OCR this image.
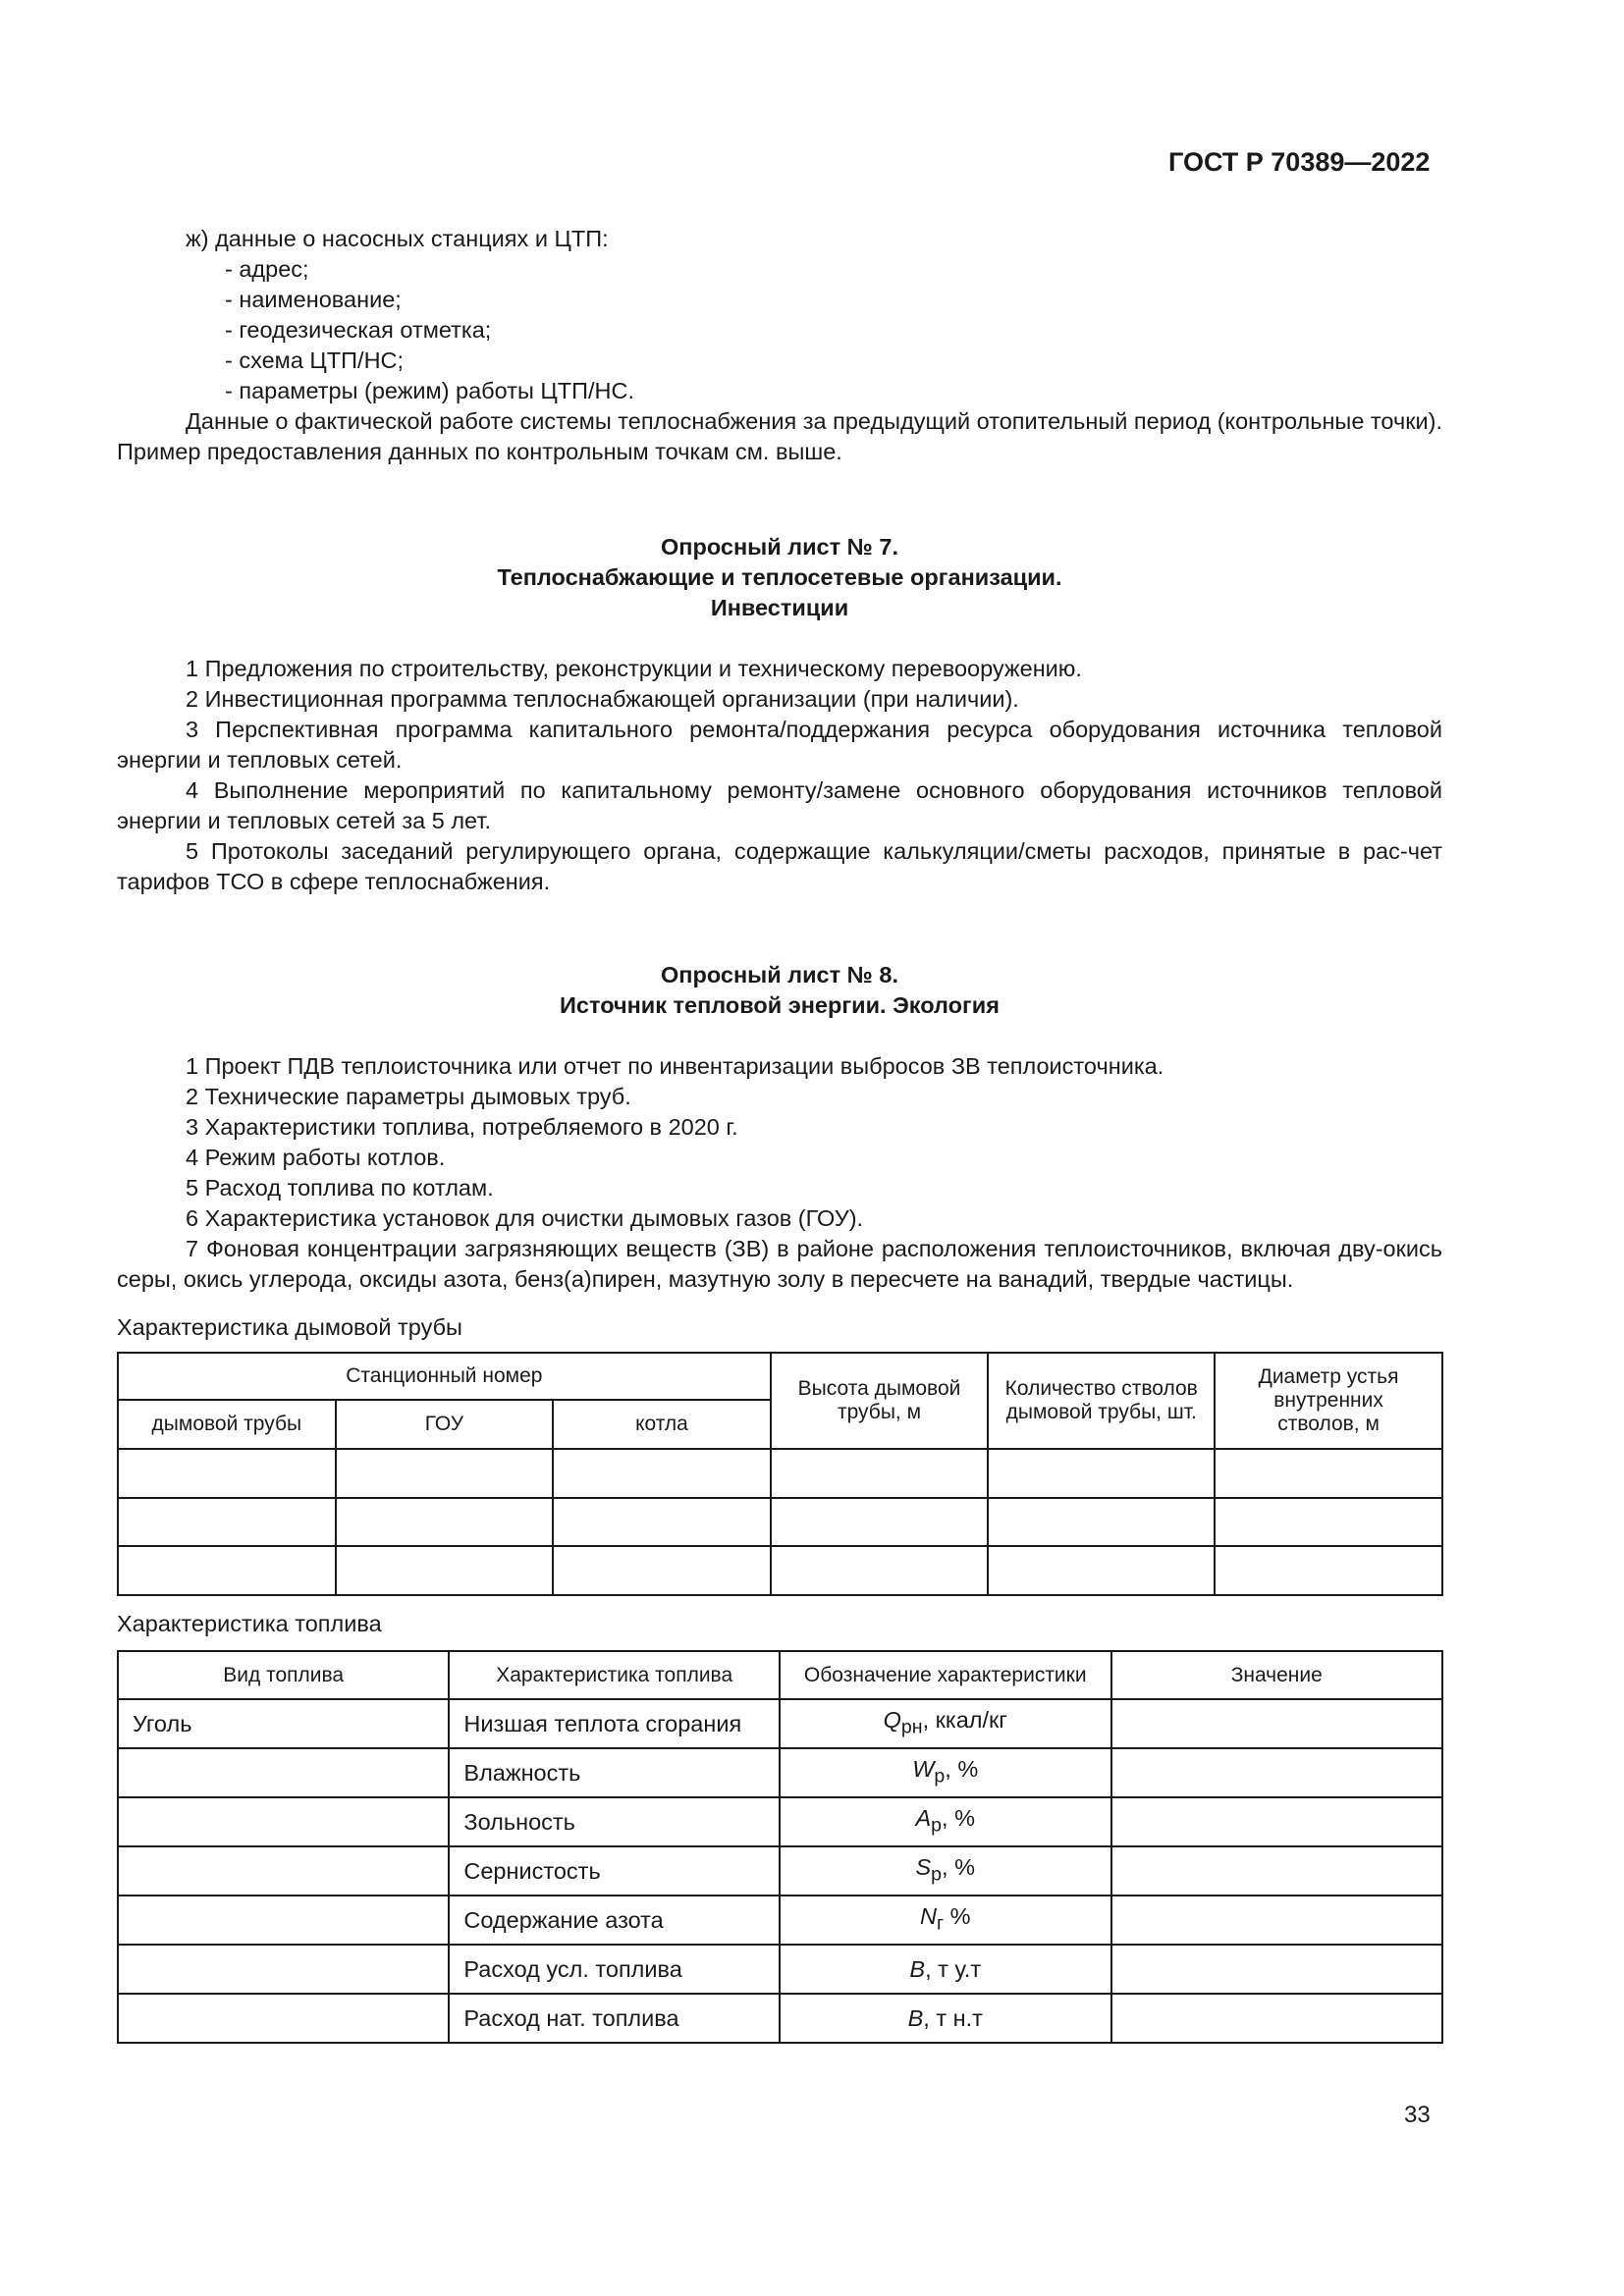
ГОСТ Р 70389—2022

ж) данные о насосных станциях и ЦТП:

- адрес;

- наименование;

- геодезическая отметка;

- схема ЦТП/НС;

- параметры (режим) работы ЦТП/НС.

Данные о фактической работе системы теплоснабжения за предыдущий отопительный период (контрольные точки). Пример предоставления данных по контрольным точкам см. выше.

Опросный лист № 7.
Теплоснабжающие и теплосетевые организации.
Инвестиции

1 Предложения по строительству, реконструкции и техническому перевооружению.

2 Инвестиционная программа теплоснабжающей организации (при наличии).

3 Перспективная программа капитального ремонта/поддержания ресурса оборудования источника тепловой энергии и тепловых сетей.

4 Выполнение мероприятий по капитальному ремонту/замене основного оборудования источников тепловой энергии и тепловых сетей за 5 лет.

5 Протоколы заседаний регулирующего органа, содержащие калькуляции/сметы расходов, принятые в рас-чет тарифов ТСО в сфере теплоснабжения.

Опросный лист № 8.
Источник тепловой энергии. Экология

1 Проект ПДВ теплоисточника или отчет по инвентаризации выбросов ЗВ теплоисточника.

2 Технические параметры дымовых труб.

3 Характеристики топлива, потребляемого в 2020 г.

4 Режим работы котлов.

5 Расход топлива по котлам.

6 Характеристика установок для очистки дымовых газов (ГОУ).

7 Фоновая концентрации загрязняющих веществ (ЗВ) в районе расположения теплоисточников, включая дву-окись серы, окись углерода, оксиды азота, бенз(а)пирен, мазутную золу в пересчете на ванадий, твердые частицы.

Характеристика дымовой трубы
Станционный номер			Высота дымовой трубы, м	Количество стволов дымовой трубы, шт.	Диаметр устья внутренних стволов, м
дымовой трубы	ГОУ	котла			

Характеристика топлива
Вид топлива	Характеристика топлива	Обозначение характеристики	Значение
Уголь	Низшая теплота сгорания	$Q_{рн}$, ккал/кг	
	Влажность	$W_р$, %	
	Зольность	$A_р$, %	
	Сернистость	$S_р$, %	
	Содержание азота	$N_г$ %	
	Расход усл. топлива	B, т у.т	
	Расход нат. топлива	B, т н.т	
33
